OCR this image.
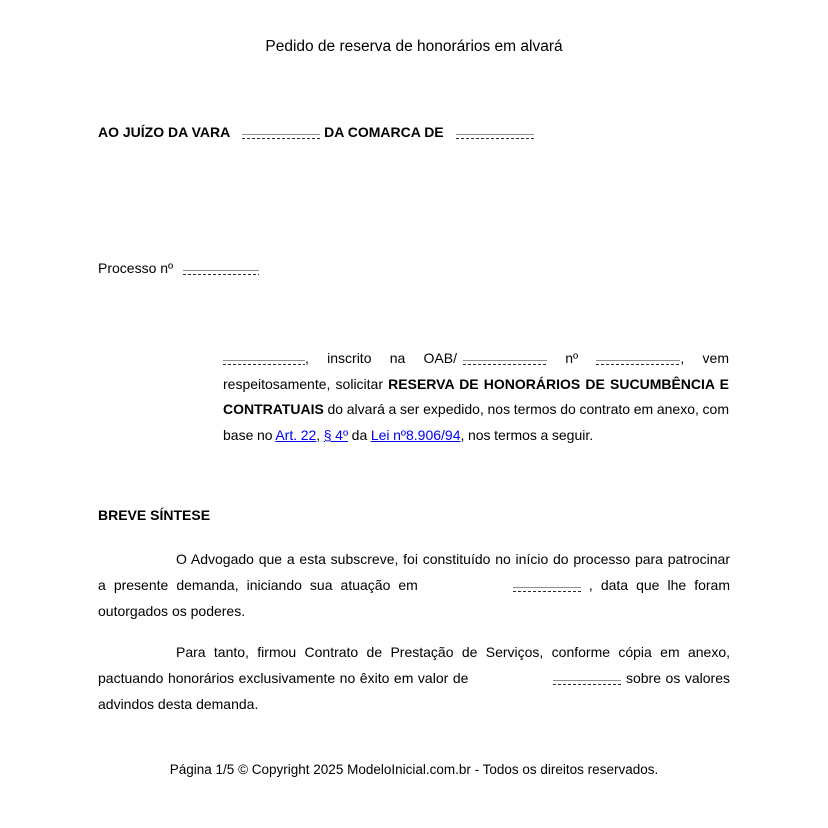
Pedido de reserva de honorários em alvará
AO JUÍZO DA VARA	DA COMARCA DE
Processo nº
, inscrito na OAB/	nº	, vem respeitosamente, solicitar RESERVA DE HONORÁRIOS DE SUCUMBÊNCIA E CONTRATUAIS do alvará a ser expedido, nos termos do contrato em anexo, com base no Art. 22, § 4º da Lei nº8.906/94, nos termos a seguir.
BREVE SÍNTESE
O Advogado que a esta subscreve, foi constituído no início do processo para patrocinar a presente demanda, iniciando sua atuação em	, data que lhe foram outorgados os poderes.
Para tanto, firmou Contrato de Prestação de Serviços, conforme cópia em anexo, pactuando honorários exclusivamente no êxito em valor de	sobre os valores advindos desta demanda.
Página 1/5 © Copyright 2025 ModeloInicial.com.br - Todos os direitos reservados.
